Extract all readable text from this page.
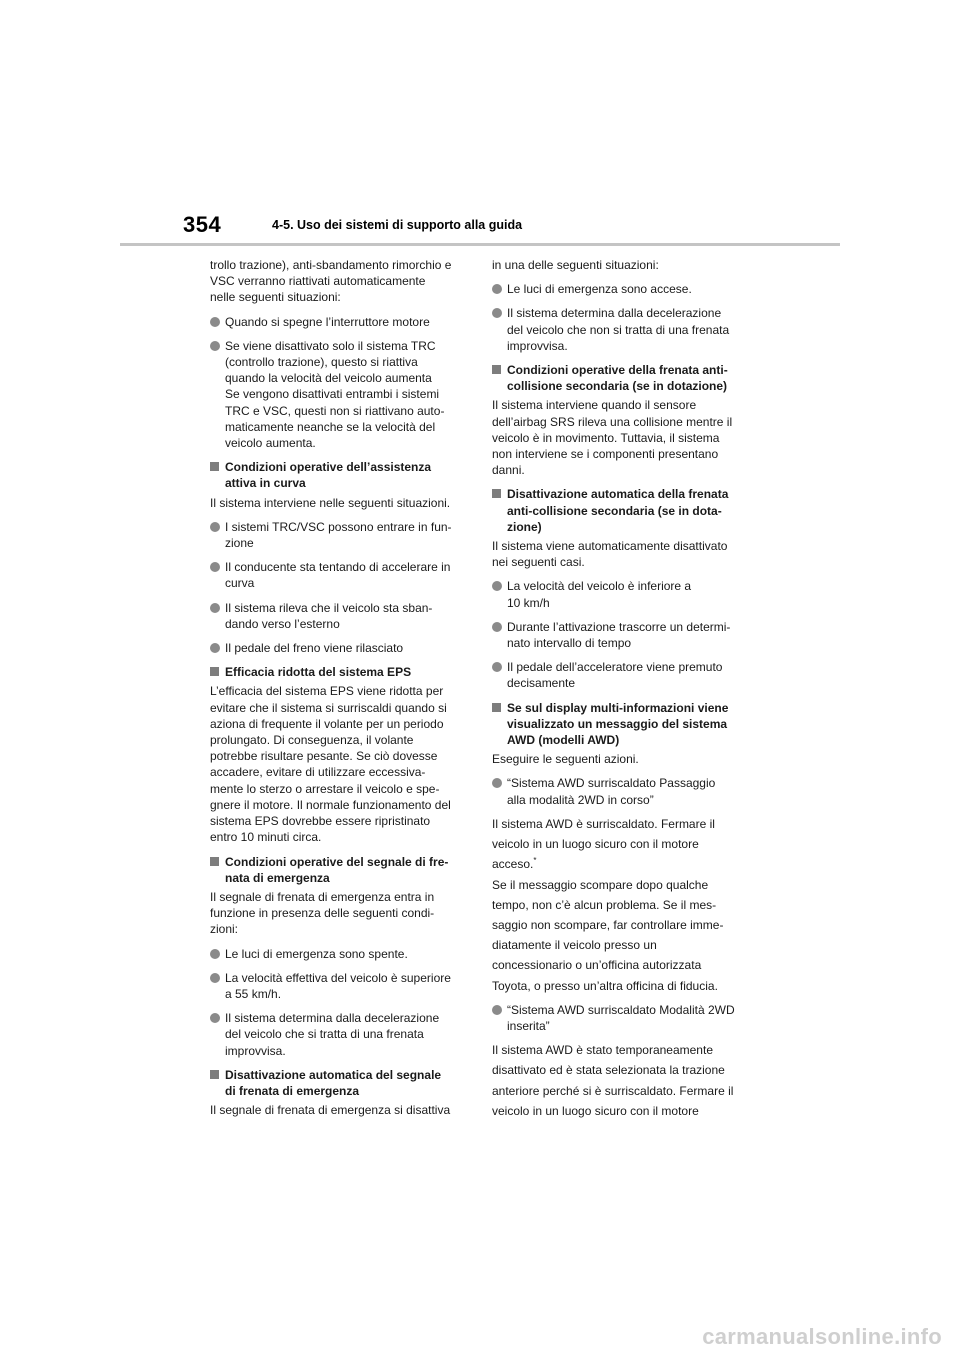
354	4-5. Uso dei sistemi di supporto alla guida

trollo trazione), anti-sbandamento rimorchio e
VSC verranno riattivati automaticamente
nelle seguenti situazioni:

Quando si spegne l’interruttore motore
Se viene disattivato solo il sistema TRC
(controllo trazione), questo si riattiva
quando la velocità del veicolo aumenta
Se vengono disattivati entrambi i sistemi
TRC e VSC, questi non si riattivano auto-
maticamente neanche se la velocità del
veicolo aumenta.
Condizioni operative dell’assistenza
attiva in curva

Il sistema interviene nelle seguenti situazioni.

I sistemi TRC/VSC possono entrare in fun-
zione
Il conducente sta tentando di accelerare in
curva
Il sistema rileva che il veicolo sta sban-
dando verso l’esterno
Il pedale del freno viene rilasciato
Efficacia ridotta del sistema EPS

L’efficacia del sistema EPS viene ridotta per
evitare che il sistema si surriscaldi quando si
aziona di frequente il volante per un periodo
prolungato. Di conseguenza, il volante
potrebbe risultare pesante. Se ciò dovesse
accadere, evitare di utilizzare eccessiva-
mente lo sterzo o arrestare il veicolo e spe-
gnere il motore. Il normale funzionamento del
sistema EPS dovrebbe essere ripristinato
entro 10 minuti circa.

Condizioni operative del segnale di fre-
nata di emergenza

Il segnale di frenata di emergenza entra in
funzione in presenza delle seguenti condi-
zioni:

Le luci di emergenza sono spente.
La velocità effettiva del veicolo è superiore
a 55 km/h.
Il sistema determina dalla decelerazione
del veicolo che si tratta di una frenata
improvvisa.
Disattivazione automatica del segnale
di frenata di emergenza

Il segnale di frenata di emergenza si disattiva

in una delle seguenti situazioni:

Le luci di emergenza sono accese.
Il sistema determina dalla decelerazione
del veicolo che non si tratta di una frenata
improvvisa.
Condizioni operative della frenata anti-
collisione secondaria (se in dotazione)

Il sistema interviene quando il sensore
dell’airbag SRS rileva una collisione mentre il
veicolo è in movimento. Tuttavia, il sistema
non interviene se i componenti presentano
danni.

Disattivazione automatica della frenata
anti-collisione secondaria (se in dota-
zione)

Il sistema viene automaticamente disattivato
nei seguenti casi.

La velocità del veicolo è inferiore a
10 km/h
Durante l’attivazione trascorre un determi-
nato intervallo di tempo
Il pedale dell’acceleratore viene premuto
decisamente
Se sul display multi-informazioni viene
visualizzato un messaggio del sistema
AWD (modelli AWD)

Eseguire le seguenti azioni.

“Sistema AWD surriscaldato Passaggio
alla modalità 2WD in corso”

Il sistema AWD è surriscaldato. Fermare il

veicolo in un luogo sicuro con il motore

acceso.*

Se il messaggio scompare dopo qualche

tempo, non c’è alcun problema. Se il mes-

saggio non scompare, far controllare imme-

diatamente il veicolo presso un

concessionario o un’officina autorizzata

Toyota, o presso un’altra officina di fiducia.

“Sistema AWD surriscaldato Modalità 2WD
inserita”

Il sistema AWD è stato temporaneamente

disattivato ed è stata selezionata la trazione

anteriore perché si è surriscaldato. Fermare il

veicolo in un luogo sicuro con il motore

carmanualsonline.info
